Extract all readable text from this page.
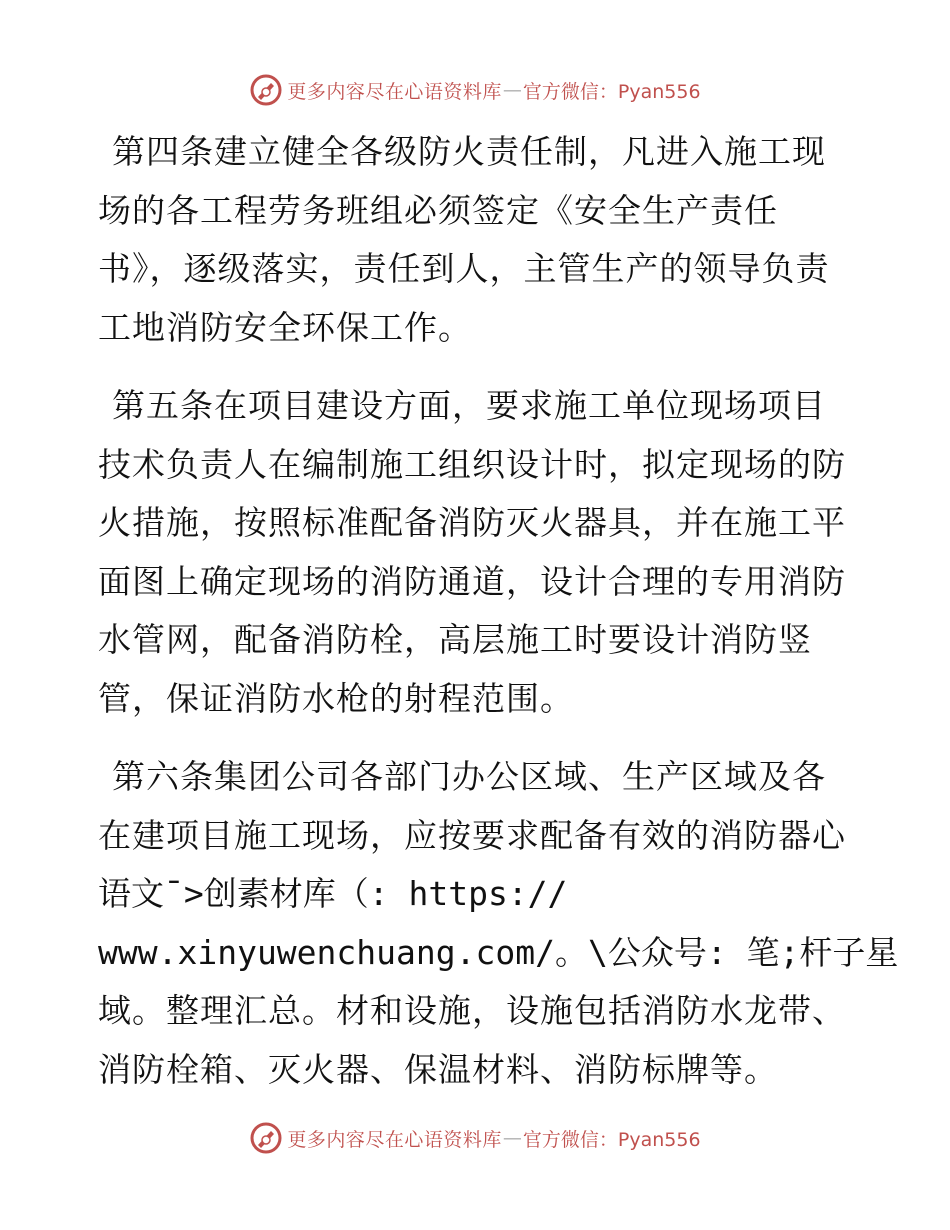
更多内容尽在心语资料库 — 官方微信：Pyan556
第四条建立健全各级防火责任制，凡进入施工现
场的各工程劳务班组必须签定《安全生产责任
书》，逐级落实，责任到人，主管生产的领导负责
工地消防安全环保工作。
第五条在项目建设方面，要求施工单位现场项目
技术负责人在编制施工组织设计时，拟定现场的防
火措施，按照标准配备消防灭火器具，并在施工平
面图上确定现场的消防通道，设计合理的专用消防
水管网，配备消防栓，高层施工时要设计消防竖
管，保证消防水枪的射程范围。
第六条集团公司各部门办公区域、生产区域及各
在建项目施工现场，应按要求配备有效的消防器心
语文¯>创素材库（: https://
www.xinyuwenchuang.com/。\公众号: 笔;杆子星
域。整理汇总。材和设施，设施包括消防水龙带、
消防栓箱、灭火器、保温材料、消防标牌等。
更多内容尽在心语资料库 — 官方微信：Pyan556
